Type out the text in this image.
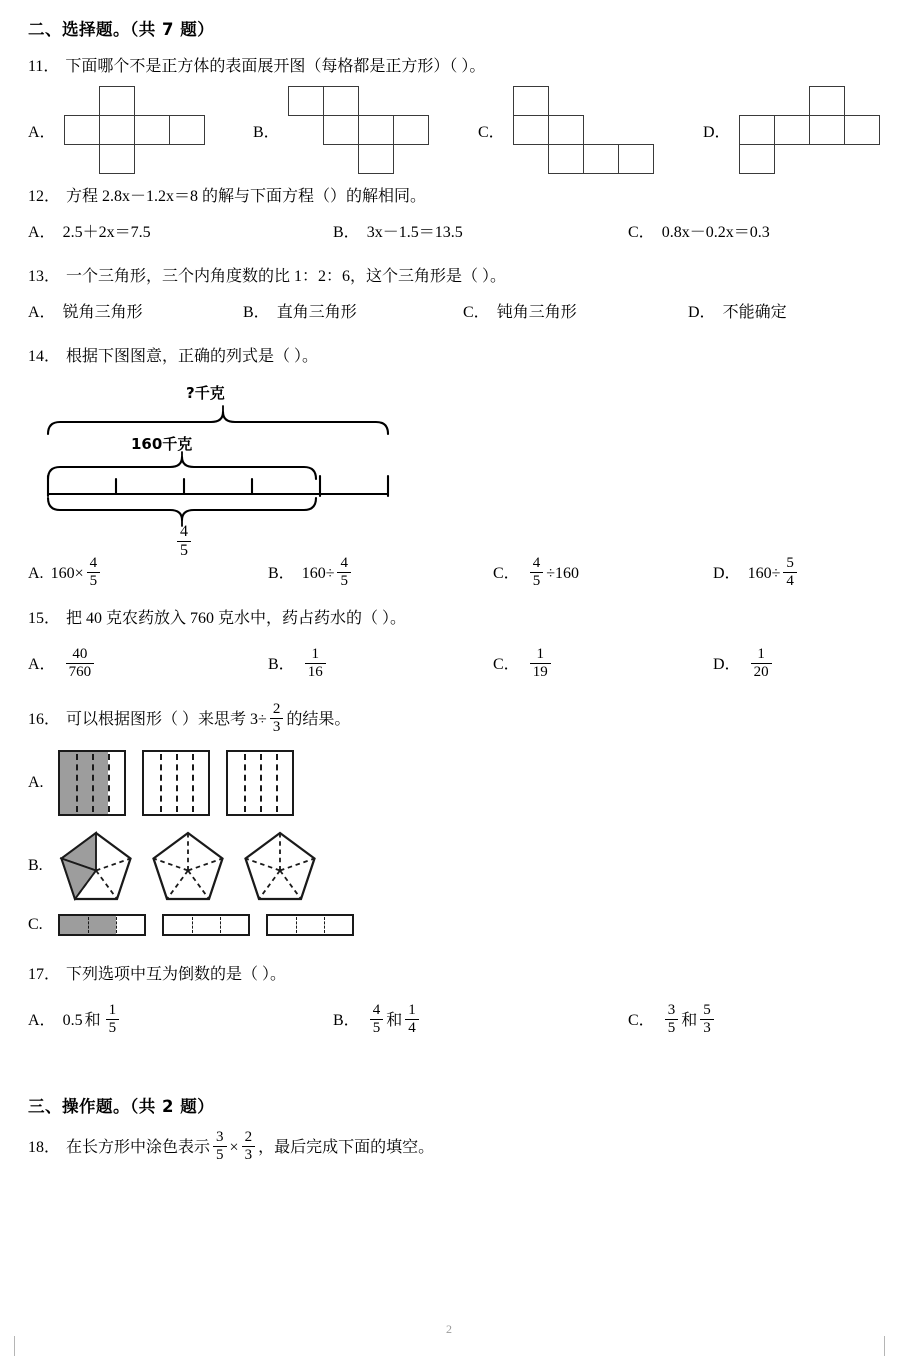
二、选择题。（共 7 题）
11． 下面哪个不是正方体的表面展开图（每格都是正方形）（ ）。
A．	B．	C．	D．
12． 方程 2.8x－1.2x＝8 的解与下面方程（）的解相同。
A． 2.5＋2x＝7.5	B． 3x－1.5＝13.5	C． 0.8x－0.2x＝0.3
13． 一个三角形，三个内角度数的比 1：2：6，这个三角形是（ ）。
A． 锐角三角形	B． 直角三角形	C． 钝角三角形	D． 不能确定
14． 根据下图图意，正确的列式是（ ）。
?千克
160千克
$\frac{4}{5}$
A. $160\times \frac{4}{5}$	B． $160\div \frac{4}{5}$	C． $\frac{4}{5} \div 160$	D． $160\div \frac{5}{4}$
15． 把 40 克农药放入 760 克水中，药占药水的（ ）。
A． $\frac{40}{760}$	B． $\frac{1}{16}$	C． $\frac{1}{19}$	D． $\frac{1}{20}$
16． 可以根据图形（ ）来思考 $3\div \frac{2}{3}$ 的结果。
A.
B.
C.
17． 下列选项中互为倒数的是（ ）。
A． 0.5 和 $\frac{1}{5}$	B． $\frac{4}{5}$ 和 $\frac{1}{4}$	C． $\frac{3}{5}$ 和 $\frac{5}{3}$
三、操作题。（共 2 题）
18． 在长方形中涂色表示 $\frac{3}{5} \times \frac{2}{3}$ ，最后完成下面的填空。
2
